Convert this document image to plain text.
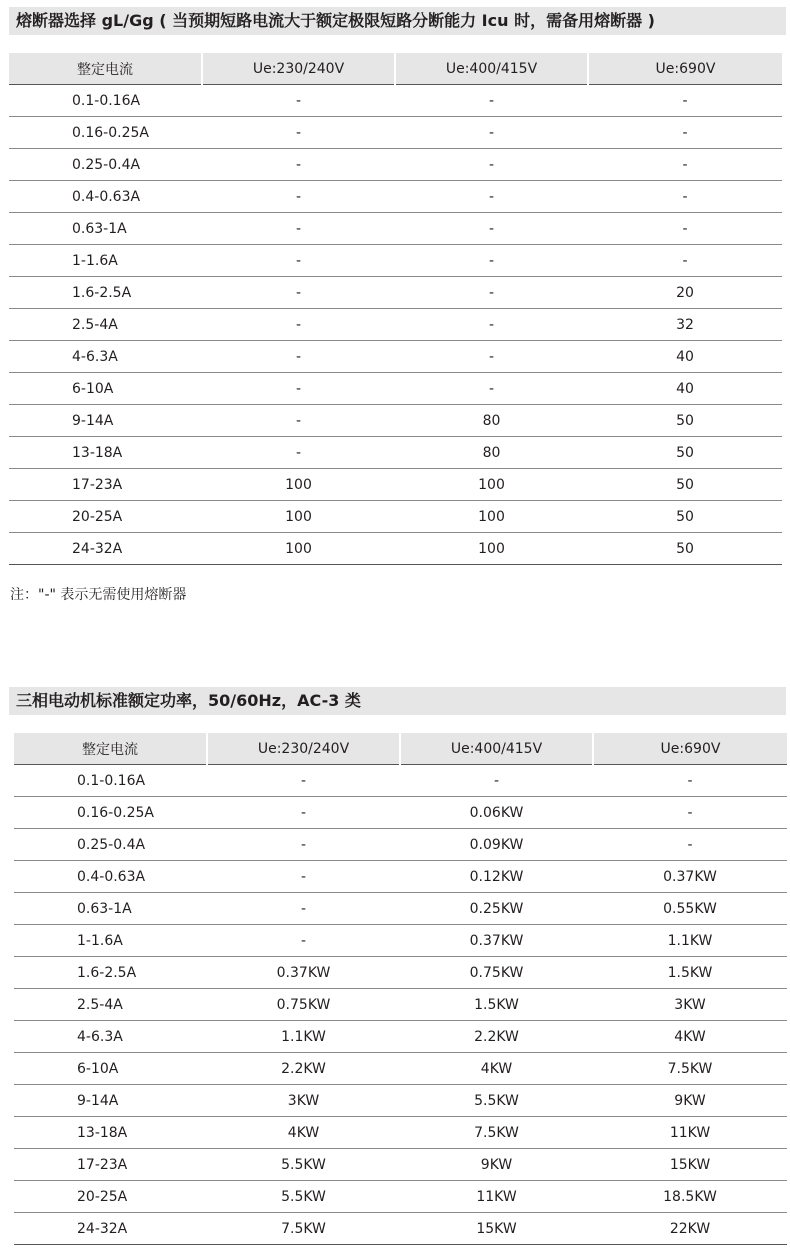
熔断器选择 gL/Gg ( 当预期短路电流大于额定极限短路分断能力 Icu 时，需备用熔断器 )
整定电流	Ue:230/240V	Ue:400/415V	Ue:690V
0.1-0.16A	-	-	-
0.16-0.25A	-	-	-
0.25-0.4A	-	-	-
0.4-0.63A	-	-	-
0.63-1A	-	-	-
1-1.6A	-	-	-
1.6-2.5A	-	-	20
2.5-4A	-	-	32
4-6.3A	-	-	40
6-10A	-	-	40
9-14A	-	80	50
13-18A	-	80	50
17-23A	100	100	50
20-25A	100	100	50
24-32A	100	100	50
注："-" 表示无需使用熔断器
三相电动机标准额定功率，50/60Hz，AC-3 类
整定电流	Ue:230/240V	Ue:400/415V	Ue:690V
0.1-0.16A	-	-	-
0.16-0.25A	-	0.06KW	-
0.25-0.4A	-	0.09KW	-
0.4-0.63A	-	0.12KW	0.37KW
0.63-1A	-	0.25KW	0.55KW
1-1.6A	-	0.37KW	1.1KW
1.6-2.5A	0.37KW	0.75KW	1.5KW
2.5-4A	0.75KW	1.5KW	3KW
4-6.3A	1.1KW	2.2KW	4KW
6-10A	2.2KW	4KW	7.5KW
9-14A	3KW	5.5KW	9KW
13-18A	4KW	7.5KW	11KW
17-23A	5.5KW	9KW	15KW
20-25A	5.5KW	11KW	18.5KW
24-32A	7.5KW	15KW	22KW
